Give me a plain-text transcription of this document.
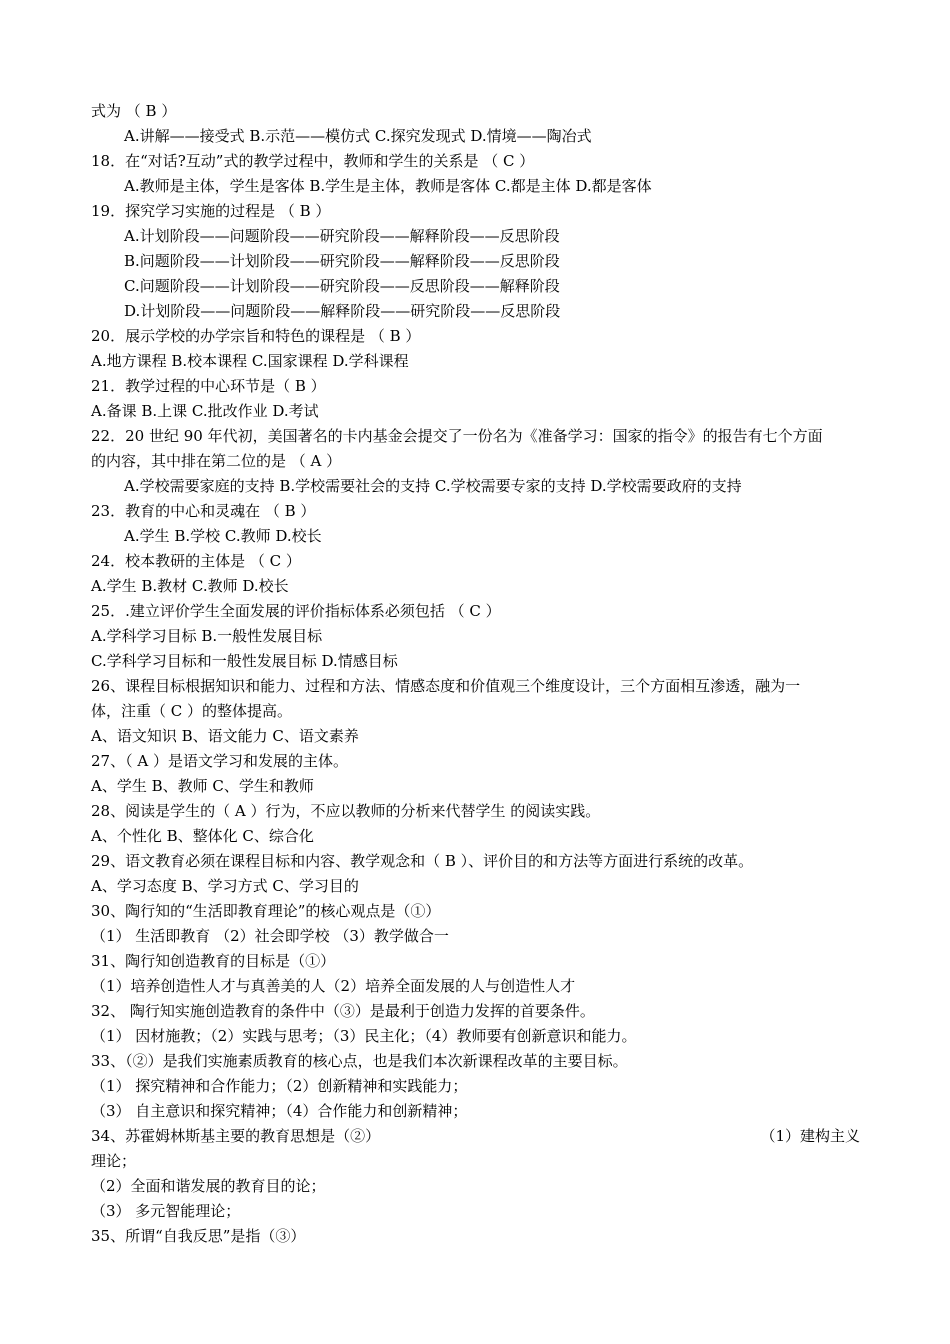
式为 （ B ）
A.讲解——接受式 B.示范——模仿式 C.探究发现式 D.情境——陶冶式
18．在“对话?互动”式的教学过程中，教师和学生的关系是 （ C ）
A.教师是主体，学生是客体 B.学生是主体，教师是客体 C.都是主体 D.都是客体
19．探究学习实施的过程是 （ B ）
A.计划阶段——问题阶段——研究阶段——解释阶段——反思阶段
B.问题阶段——计划阶段——研究阶段——解释阶段——反思阶段
C.问题阶段——计划阶段——研究阶段——反思阶段——解释阶段
D.计划阶段——问题阶段——解释阶段——研究阶段——反思阶段
20．展示学校的办学宗旨和特色的课程是 （ B ）
A.地方课程 B.校本课程 C.国家课程 D.学科课程
21．教学过程的中心环节是（ B ）
A.备课 B.上课 C.批改作业 D.考试
22．20 世纪 90 年代初，美国著名的卡内基金会提交了一份名为《准备学习：国家的指令》的报告有七个方面
的内容，其中排在第二位的是 （ A ）
A.学校需要家庭的支持 B.学校需要社会的支持 C.学校需要专家的支持 D.学校需要政府的支持
23．教育的中心和灵魂在 （ B ）
A.学生 B.学校 C.教师 D.校长
24．校本教研的主体是 （ C ）
A.学生 B.教材 C.教师 D.校长
25．.建立评价学生全面发展的评价指标体系必须包括 （ C ）
A.学科学习目标 B.一般性发展目标
C.学科学习目标和一般性发展目标 D.情感目标
26、课程目标根据知识和能力、过程和方法、情感态度和价值观三个维度设计，三个方面相互渗透，融为一
体，注重（ C ）的整体提高。
A、语文知识 B、语文能力 C、语文素养
27、（ A ）是语文学习和发展的主体。
A、学生 B、教师 C、学生和教师
28、阅读是学生的（ A ）行为，不应以教师的分析来代替学生 的阅读实践。
A、个性化 B、整体化 C、综合化
29、语文教育必须在课程目标和内容、教学观念和（ B ）、评价目的和方法等方面进行系统的改革。
A、学习态度 B、学习方式 C、学习目的
30、陶行知的“生活即教育理论”的核心观点是（①）
（1） 生活即教育 （2）社会即学校 （3）教学做合一
31、陶行知创造教育的目标是（①）
（1）培养创造性人才与真善美的人（2）培养全面发展的人与创造性人才
32、 陶行知实施创造教育的条件中（③）是最利于创造力发挥的首要条件。
（1） 因材施教；（2）实践与思考；（3）民主化；（4）教师要有创新意识和能力。
33、（②）是我们实施素质教育的核心点，也是我们本次新课程改革的主要目标。
（1） 探究精神和合作能力；（2）创新精神和实践能力；
（3） 自主意识和探究精神；（4）合作能力和创新精神；
34、苏霍姆林斯基主要的教育思想是（②）	（1）建构主义
理论；
（2）全面和谐发展的教育目的论；
（3） 多元智能理论；
35、所谓“自我反思”是指（③）
